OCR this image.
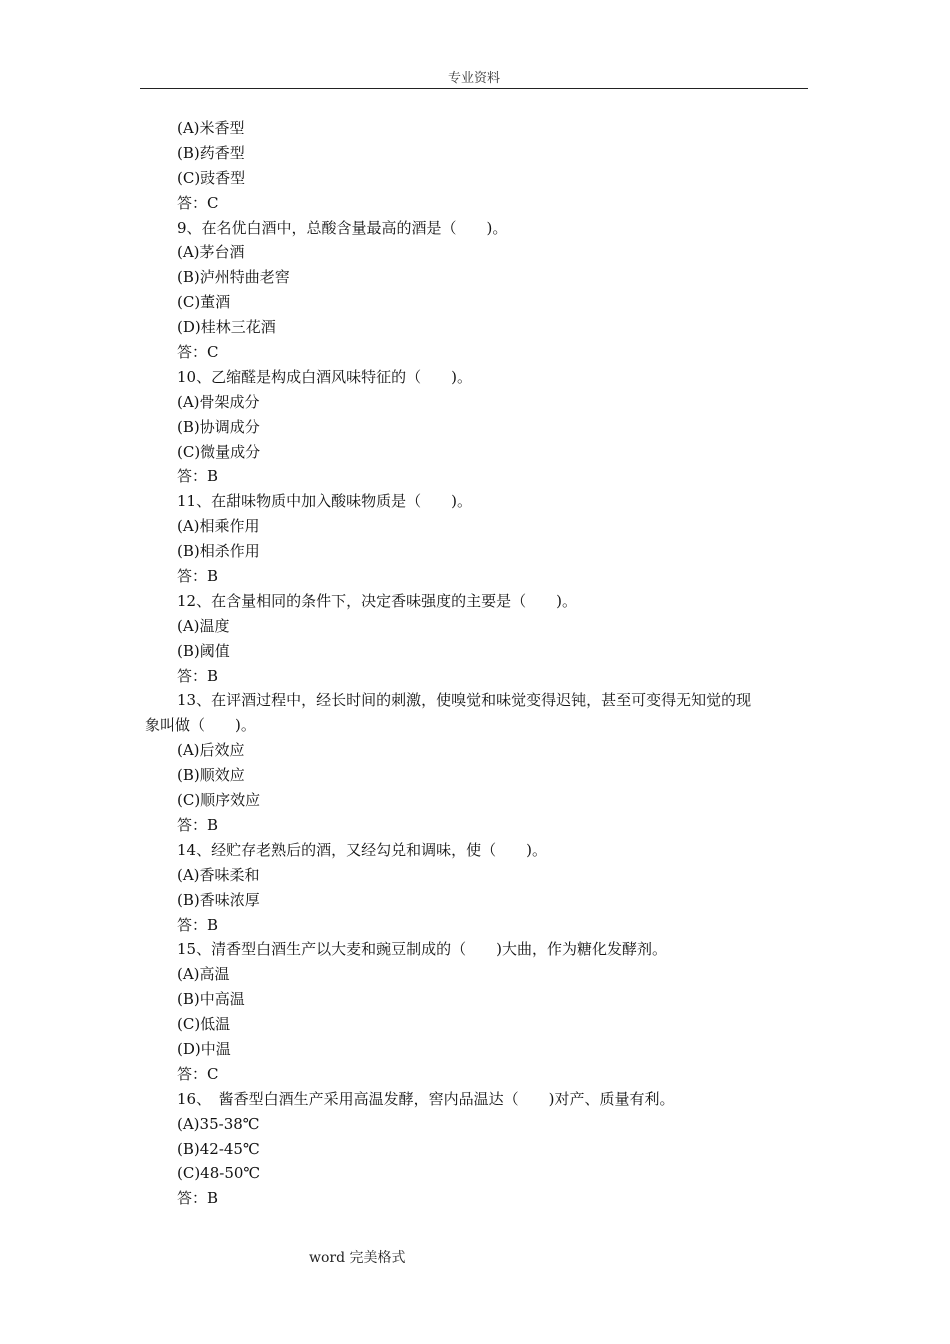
专业资料
(A)米香型
(B)药香型
(C)豉香型
答：C
9、在名优白酒中，总酸含量最高的酒是（　　)。
(A)茅台酒
(B)泸州特曲老窖
(C)董酒
(D)桂林三花酒
答：C
10、乙缩醛是构成白酒风味特征的（　　)。
(A)骨架成分
(B)协调成分
(C)微量成分
答：B
11、在甜味物质中加入酸味物质是（　　)。
(A)相乘作用
(B)相杀作用
答：B
12、在含量相同的条件下，决定香味强度的主要是（　　)。
(A)温度
(B)阈值
答：B
13、在评酒过程中，经长时间的刺激，使嗅觉和味觉变得迟钝，甚至可变得无知觉的现
象叫做（　　)。
(A)后效应
(B)顺效应
(C)顺序效应
答：B
14、经贮存老熟后的酒，又经勾兑和调味，使（　　)。
(A)香味柔和
(B)香味浓厚
答：B
15、清香型白酒生产以大麦和豌豆制成的（　　)大曲，作为糖化发酵剂。
(A)高温
(B)中高温
(C)低温
(D)中温
答：C
16、　酱香型白酒生产采用高温发酵，窖内品温达（　　)对产、质量有利。
(A)35-38℃
(B)42-45℃
(C)48-50℃
答：B
word 完美格式
